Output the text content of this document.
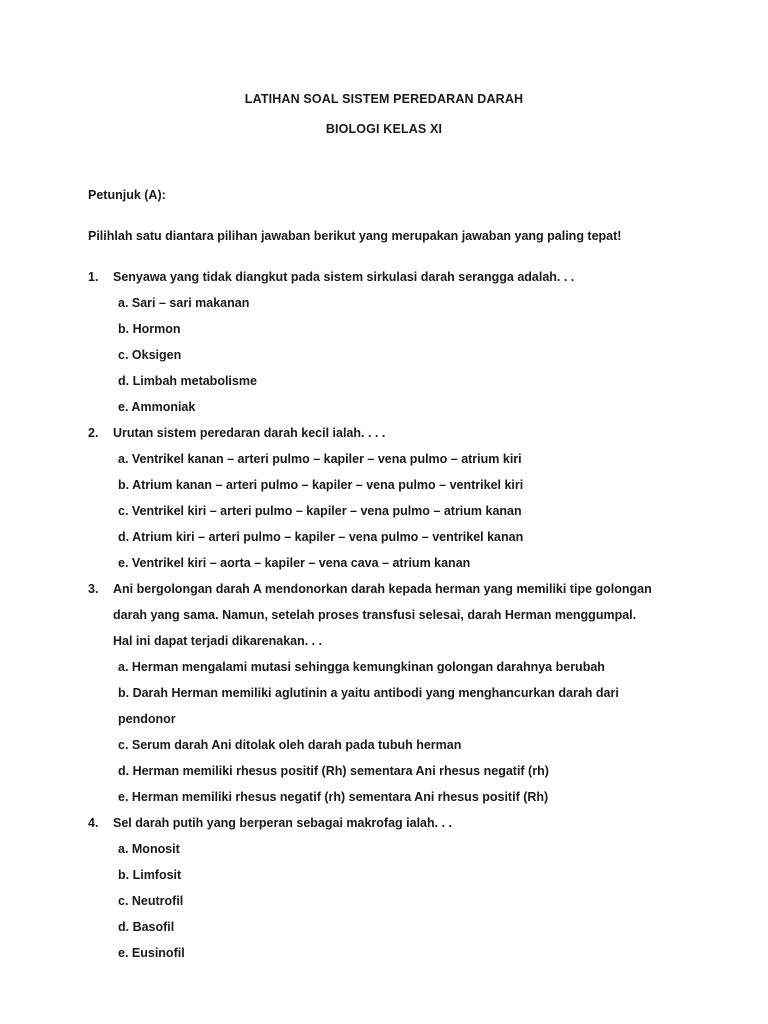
LATIHAN SOAL SISTEM PEREDARAN DARAH
BIOLOGI KELAS XI
Petunjuk (A):
Pilihlah satu diantara pilihan jawaban berikut yang merupakan jawaban yang paling tepat!
1.	Senyawa yang tidak diangkut pada sistem sirkulasi darah serangga adalah. . .
a. Sari – sari makanan
b. Hormon
c. Oksigen
d. Limbah metabolisme
e. Ammoniak
2.	Urutan sistem peredaran darah kecil ialah. . . .
a. Ventrikel kanan – arteri pulmo – kapiler – vena pulmo – atrium kiri
b. Atrium kanan – arteri pulmo – kapiler – vena pulmo – ventrikel kiri
c. Ventrikel kiri – arteri pulmo – kapiler – vena pulmo – atrium kanan
d. Atrium kiri – arteri pulmo – kapiler – vena pulmo – ventrikel kanan
e. Ventrikel kiri – aorta – kapiler – vena cava – atrium kanan
3.	Ani bergolongan darah A mendonorkan darah kepada herman yang memiliki tipe golongan darah yang sama. Namun, setelah proses transfusi selesai, darah Herman menggumpal. Hal ini dapat terjadi dikarenakan. . .
a. Herman mengalami mutasi sehingga kemungkinan golongan darahnya berubah
b. Darah Herman memiliki aglutinin a yaitu antibodi yang menghancurkan darah dari pendonor
c. Serum darah Ani ditolak oleh darah pada tubuh herman
d. Herman memiliki rhesus positif (Rh) sementara Ani rhesus negatif (rh)
e. Herman memiliki rhesus negatif (rh) sementara Ani rhesus positif (Rh)
4.	Sel darah putih yang berperan sebagai makrofag ialah. . .
a. Monosit
b. Limfosit
c. Neutrofil
d. Basofil
e. Eusinofil
